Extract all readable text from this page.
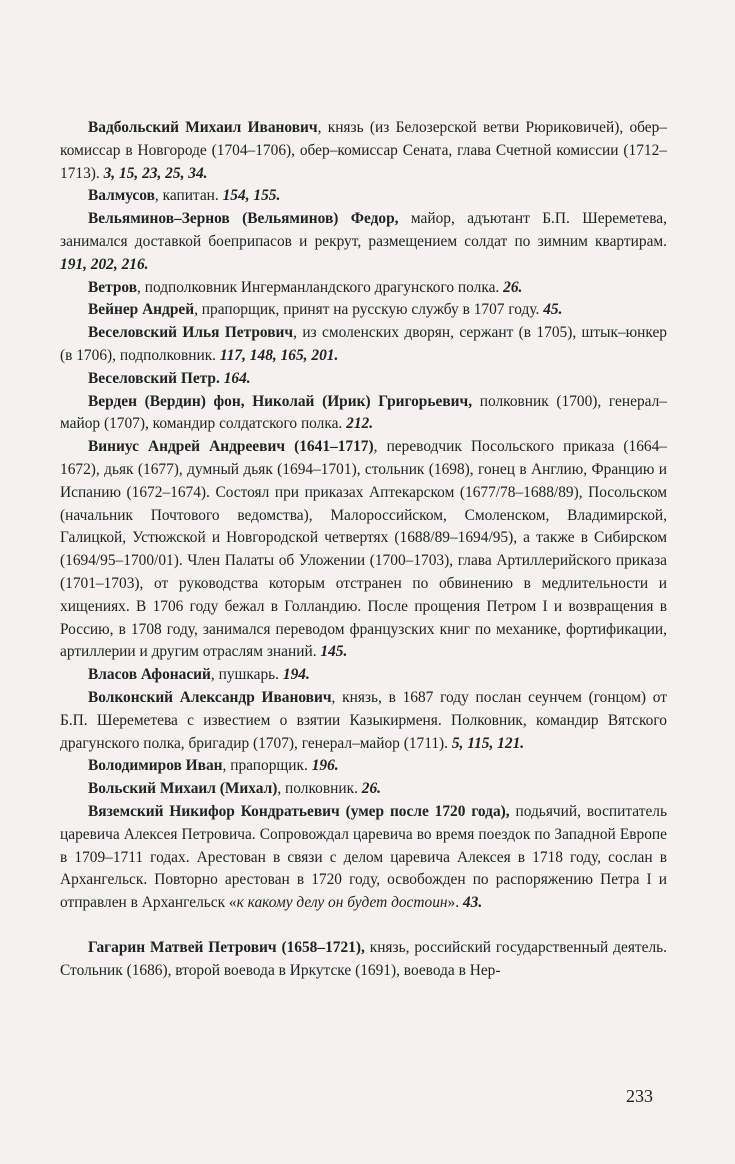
Вадбольский Михаил Иванович, князь (из Белозерской ветви Рюриковичей), обер–комиссар в Новгороде (1704–1706), обер–комиссар Сената, глава Счетной комиссии (1712–1713). 3, 15, 23, 25, 34.

Валмусов, капитан. 154, 155.

Вельяминов–Зернов (Вельяминов) Федор, майор, адъютант Б.П. Шереметева, занимался доставкой боеприпасов и рекрут, размещением солдат по зимним квартирам. 191, 202, 216.

Ветров, подполковник Ингерманландского драгунского полка. 26.

Вейнер Андрей, прапорщик, принят на русскую службу в 1707 году. 45.

Веселовский Илья Петрович, из смоленских дворян, сержант (в 1705), штык–юнкер (в 1706), подполковник. 117, 148, 165, 201.

Веселовский Петр. 164.

Верден (Вердин) фон, Николай (Ирик) Григорьевич, полковник (1700), генерал–майор (1707), командир солдатского полка. 212.

Виниус Андрей Андреевич (1641–1717), переводчик Посольского приказа (1664–1672), дьяк (1677), думный дьяк (1694–1701), стольник (1698), гонец в Англию, Францию и Испанию (1672–1674). Состоял при приказах Аптекарском (1677/78–1688/89), Посольском (начальник Почтового ведомства), Малороссийском, Смоленском, Владимирской, Галицкой, Устюжской и Новгородской четвертях (1688/89–1694/95), а также в Сибирском (1694/95–1700/01). Член Палаты об Уложении (1700–1703), глава Артиллерийского приказа (1701–1703), от руководства которым отстранен по обвинению в медлительности и хищениях. В 1706 году бежал в Голландию. После прощения Петром I и возвращения в Россию, в 1708 году, занимался переводом французских книг по механике, фортификации, артиллерии и другим отраслям знаний. 145.

Власов Афонасий, пушкарь. 194.

Волконский Александр Иванович, князь, в 1687 году послан сеунчем (гонцом) от Б.П. Шереметева с известием о взятии Казыкирменя. Полковник, командир Вятского драгунского полка, бригадир (1707), генерал–майор (1711). 5, 115, 121.

Володимиров Иван, прапорщик. 196.

Вольский Михаил (Михал), полковник. 26.

Вяземский Никифор Кондратьевич (умер после 1720 года), подьячий, воспитатель царевича Алексея Петровича. Сопровождал царевича во время поездок по Западной Европе в 1709–1711 годах. Арестован в связи с делом царевича Алексея в 1718 году, сослан в Архангельск. Повторно арестован в 1720 году, освобожден по распоряжению Петра I и отправлен в Архангельск «к какому делу он будет достоин». 43.

Гагарин Матвей Петрович (1658–1721), князь, российский государственный деятель. Стольник (1686), второй воевода в Иркутске (1691), воевода в Нер-

233
